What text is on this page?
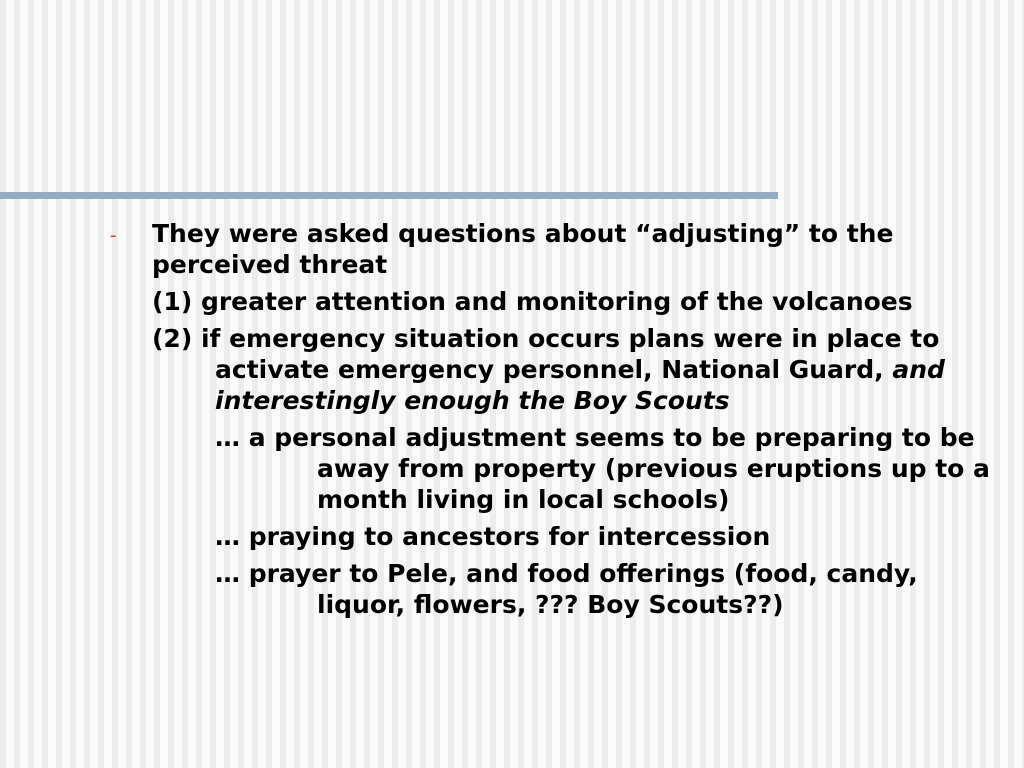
- They were asked questions about “adjusting” to the perceived threat
(1) greater attention and monitoring of the volcanoes
(2) if emergency situation occurs plans were in place to activate emergency personnel, National Guard, and interestingly enough the Boy Scouts
… a personal adjustment seems to be preparing to be away from property (previous eruptions up to a month living in local schools)
… praying to ancestors for intercession
… prayer to Pele, and food offerings (food, candy, liquor, flowers, ??? Boy Scouts??)
